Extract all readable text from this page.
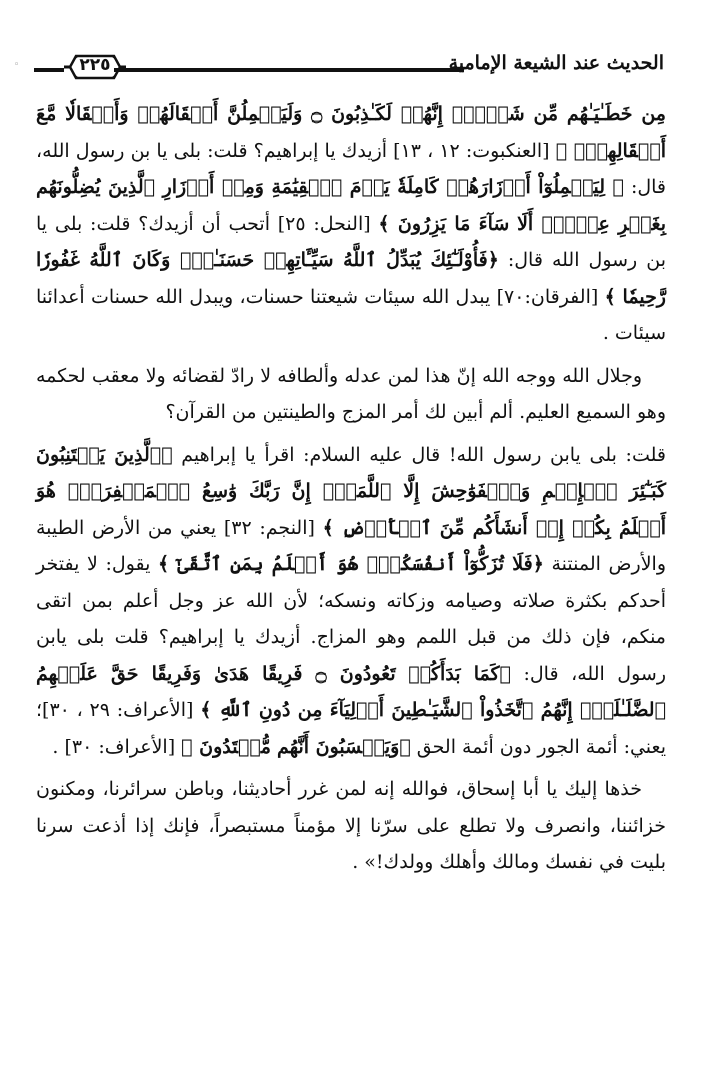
◦	٢٢٥	الحديث عند الشيعة الإمامية

مِن خَطَـٰيَـٰهُم مِّن شَيۡءٍۖ إِنَّهُمۡ لَكَـٰذِبُونَ ۝ وَلَيَحۡمِلُنَّ أَثۡقَالَهُمۡ وَأَثۡقَالٗا مَّعَ أَثۡقَالِهِمۡۖ ﴾ [العنكبوت: ١٢ ، ١٣] أزيدك يا إبراهيم؟ قلت: بلى يا بن رسول الله، قال: ﴿ لِيَحۡمِلُوٓاْ أَوۡزَارَهُمۡ كَامِلَةٗ يَوۡمَ ٱلۡقِيَٰمَةِ وَمِنۡ أَوۡزَارِ ٱلَّذِينَ يُضِلُّونَهُم بِغَيۡرِ عِلۡمٍۗ أَلَا سَآءَ مَا يَزِرُونَ ﴾ [النحل: ٢٥] أتحب أن أزيدك؟ قلت: بلى يا بن رسول الله قال: ﴿فَأُوْلَـٰٓئِكَ يُبَدِّلُ ٱللَّهُ سَيِّـَٔاتِهِمۡ حَسَنَـٰتٖۗ وَكَانَ ٱللَّهُ غَفُورٗا رَّحِيمٗا ﴾ [الفرقان:٧٠] يبدل الله سيئات شيعتنا حسنات، ويبدل الله حسنات أعدائنا سيئات .

وجلال الله ووجه الله إنّ هذا لمن عدله وألطافه لا رادّ لقضائه ولا معقب لحكمه وهو السميع العليم. ألم أبين لك أمر المزج والطينتين من القرآن؟

قلت: بلى يابن رسول الله! قال عليه السلام: اقرأ يا إبراهيم ﴿ٱلَّذِينَ يَجۡتَنِبُونَ كَبَـٰٓئِرَ ٱلۡإِثۡمِ وَٱلۡفَوَٰحِشَ إِلَّا ٱللَّمَمَۚ إِنَّ رَبَّكَ وَٰسِعُ ٱلۡمَغۡفِرَةِۚ هُوَ أَعۡلَمُ بِكُمۡ إِذۡ أَنشَأَكُم مِّنَ ٱلۡأَرۡضِ ﴾ [النجم: ٣٢] يعني من الأرض الطيبة والأرض المنتنة ﴿فَلَا تُزَكُّوٓاْ أَنفُسَكُمۡۖ هُوَ أَعۡلَمُ بِمَنِ ٱتَّقَىٰٓ ﴾ يقول: لا يفتخر أحدكم بكثرة صلاته وصيامه وزكاته ونسكه؛ لأن الله عز وجل أعلم بمن اتقى منكم، فإن ذلك من قبل اللمم وهو المزاج. أزيدك يا إبراهيم؟ قلت بلى يابن رسول الله، قال: ﴿كَمَا بَدَأَكُمۡ تَعُودُونَ ۝ فَرِيقًا هَدَىٰ وَفَرِيقًا حَقَّ عَلَيۡهِمُ ٱلضَّلَـٰلَةُۚ إِنَّهُمُ ٱتَّخَذُواْ ٱلشَّيَـٰطِينَ أَوۡلِيَآءَ مِن دُونِ ٱللَّهِ ﴾ [الأعراف: ٢٩ ، ٣٠]؛ يعني: أئمة الجور دون أئمة الحق ﴿وَيَحۡسَبُونَ أَنَّهُم مُّهۡتَدُونَ ﴾ [الأعراف: ٣٠] .

خذها إليك يا أبا إسحاق، فوالله إنه لمن غرر أحاديثنا، وباطن سرائرنا، ومكنون خزائننا، وانصرف ولا تطلع على سرّنا إلا مؤمناً مستبصراً، فإنك إذا أذعت سرنا بليت في نفسك ومالك وأهلك وولدك!» .
